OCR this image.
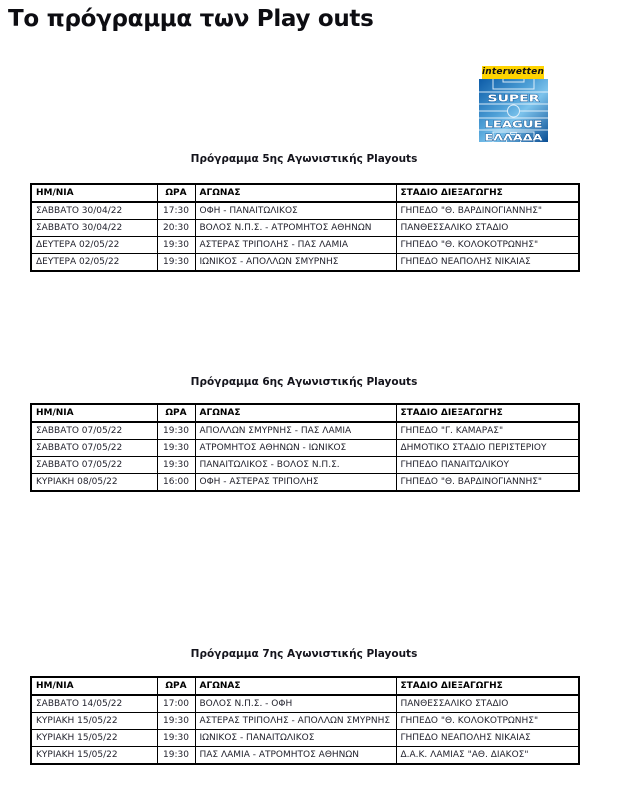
Το πρόγραμμα των Play outs
interwetten
SUPER
LEAGUE
ΕΛΛΑΔΑ
Πρόγραμμα 5ης Αγωνιστικής Playouts
ΗΜ/ΝΙΑ	ΩΡΑ	ΑΓΩΝΑΣ	ΣΤΑΔΙΟ ΔΙΕΞΑΓΩΓΗΣ
ΣΑΒΒΑΤΟ 30/04/22	17:30	ΟΦΗ - ΠΑΝΑΙΤΩΛΙΚΟΣ	ΓΗΠΕΔΟ "Θ. ΒΑΡΔΙΝΟΓΙΑΝΝΗΣ"
ΣΑΒΒΑΤΟ 30/04/22	20:30	ΒΟΛΟΣ Ν.Π.Σ. - ΑΤΡΟΜΗΤΟΣ ΑΘΗΝΩΝ	ΠΑΝΘΕΣΣΑΛΙΚΟ ΣΤΑΔΙΟ
ΔΕΥΤΕΡΑ 02/05/22	19:30	ΑΣΤΕΡΑΣ ΤΡΙΠΟΛΗΣ - ΠΑΣ ΛΑΜΙΑ	ΓΗΠΕΔΟ "Θ. ΚΟΛΟΚΟΤΡΩΝΗΣ"
ΔΕΥΤΕΡΑ 02/05/22	19:30	ΙΩΝΙΚΟΣ - ΑΠΟΛΛΩΝ ΣΜΥΡΝΗΣ	ΓΗΠΕΔΟ ΝΕΑΠΟΛΗΣ ΝΙΚΑΙΑΣ
Πρόγραμμα 6ης Αγωνιστικής Playouts
ΗΜ/ΝΙΑ	ΩΡΑ	ΑΓΩΝΑΣ	ΣΤΑΔΙΟ ΔΙΕΞΑΓΩΓΗΣ
ΣΑΒΒΑΤΟ 07/05/22	19:30	ΑΠΟΛΛΩΝ ΣΜΥΡΝΗΣ - ΠΑΣ ΛΑΜΙΑ	ΓΗΠΕΔΟ "Γ. ΚΑΜΑΡΑΣ"
ΣΑΒΒΑΤΟ 07/05/22	19:30	ΑΤΡΟΜΗΤΟΣ ΑΘΗΝΩΝ - ΙΩΝΙΚΟΣ	ΔΗΜΟΤΙΚΟ ΣΤΑΔΙΟ ΠΕΡΙΣΤΕΡΙΟΥ
ΣΑΒΒΑΤΟ 07/05/22	19:30	ΠΑΝΑΙΤΩΛΙΚΟΣ - ΒΟΛΟΣ Ν.Π.Σ.	ΓΗΠΕΔΟ ΠΑΝΑΙΤΩΛΙΚΟΥ
ΚΥΡΙΑΚΗ 08/05/22	16:00	ΟΦΗ - ΑΣΤΕΡΑΣ ΤΡΙΠΟΛΗΣ	ΓΗΠΕΔΟ "Θ. ΒΑΡΔΙΝΟΓΙΑΝΝΗΣ"
Πρόγραμμα 7ης Αγωνιστικής Playouts
ΗΜ/ΝΙΑ	ΩΡΑ	ΑΓΩΝΑΣ	ΣΤΑΔΙΟ ΔΙΕΞΑΓΩΓΗΣ
ΣΑΒΒΑΤΟ 14/05/22	17:00	ΒΟΛΟΣ Ν.Π.Σ. - ΟΦΗ	ΠΑΝΘΕΣΣΑΛΙΚΟ ΣΤΑΔΙΟ
ΚΥΡΙΑΚΗ 15/05/22	19:30	ΑΣΤΕΡΑΣ ΤΡΙΠΟΛΗΣ - ΑΠΟΛΛΩΝ ΣΜΥΡΝΗΣ	ΓΗΠΕΔΟ "Θ. ΚΟΛΟΚΟΤΡΩΝΗΣ"
ΚΥΡΙΑΚΗ 15/05/22	19:30	ΙΩΝΙΚΟΣ - ΠΑΝΑΙΤΩΛΙΚΟΣ	ΓΗΠΕΔΟ ΝΕΑΠΟΛΗΣ ΝΙΚΑΙΑΣ
ΚΥΡΙΑΚΗ 15/05/22	19:30	ΠΑΣ ΛΑΜΙΑ - ΑΤΡΟΜΗΤΟΣ ΑΘΗΝΩΝ	Δ.Α.Κ. ΛΑΜΙΑΣ "ΑΘ. ΔΙΑΚΟΣ"
